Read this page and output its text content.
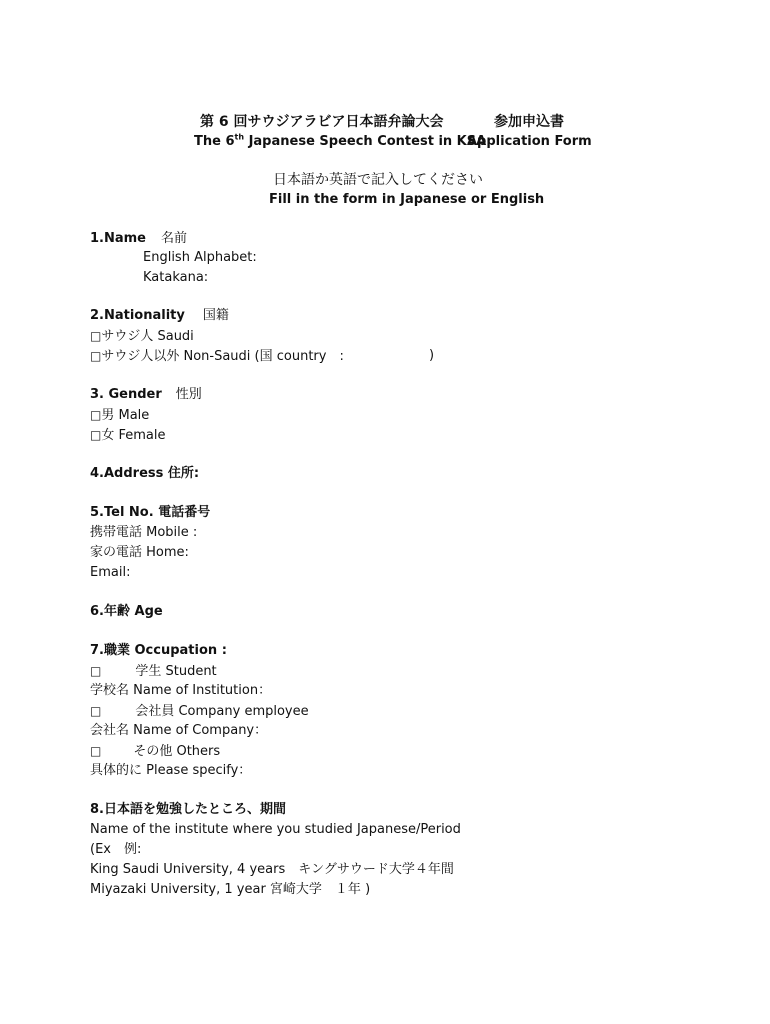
第 6 回サウジアラビア日本語弁論大会	参加申込書
The 6th Japanese Speech Contest in KSA
Application Form
日本語か英語で記入してください
Fill in the form in Japanese or English
1.Name 名前
English Alphabet:
Katakana:
2.Nationality 国籍
□サウジ人 Saudi
□サウジ人以外 Non-Saudi (国 country　:	)
3. Gender 性別
□男 Male
□女 Female
4.Address 住所:
5.Tel No. 電話番号
携帯電話 Mobile :
家の電話 Home:
Email:
6.年齢 Age
7.職業 Occupation :
□	学生 Student
学校名 Name of Institution：
□	会社員 Company employee
会社名 Name of Company：
□ その他 Others
具体的に Please specify：
8.日本語を勉強したところ、期間
Name of the institute where you studied Japanese/Period
(Ex　例:
King Saudi University, 4 years　キングサウード大学４年間
Miyazaki University, 1 year 宮崎大学　１年 )
